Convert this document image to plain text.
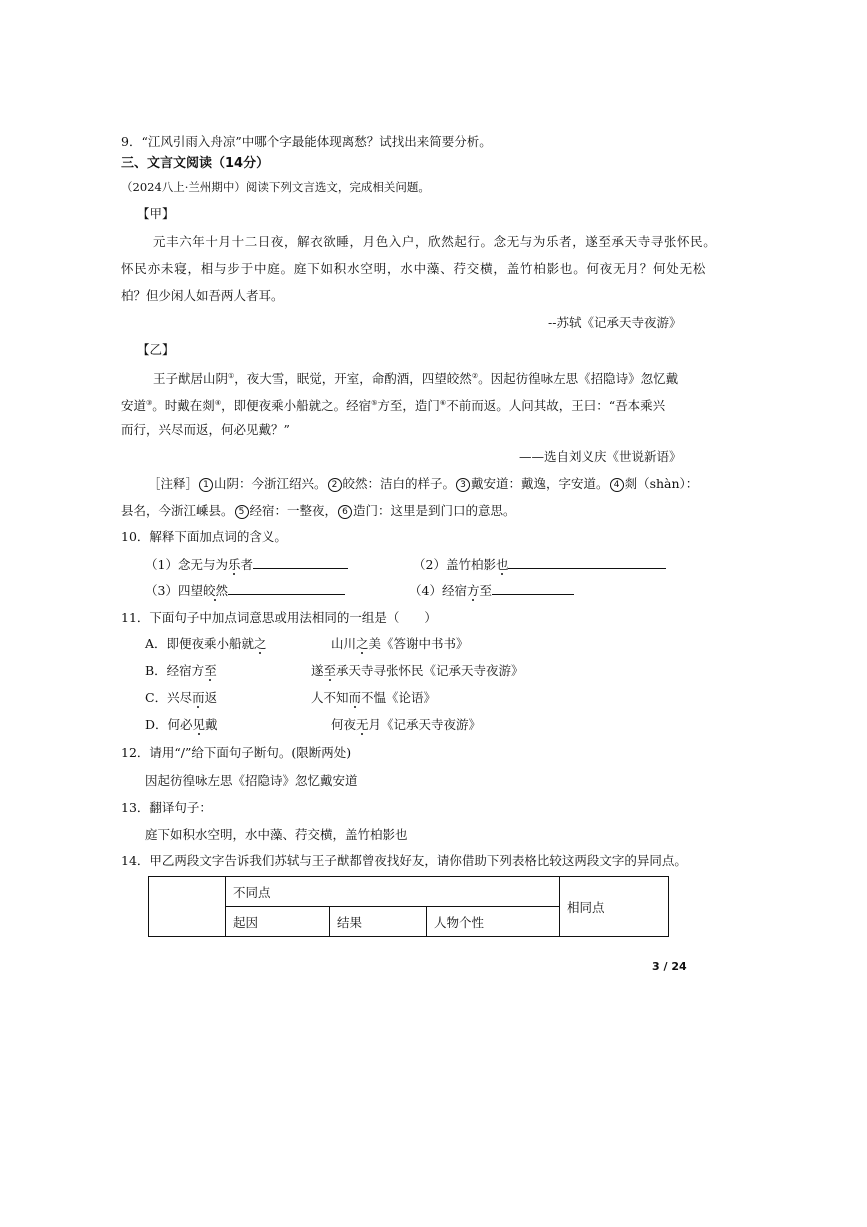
9．“江风引雨入舟凉”中哪个字最能体现离愁？试找出来简要分析。
三、文言文阅读（14分）
（2024八上·兰州期中）阅读下列文言选文，完成相关问题。
【甲】
元丰六年十月十二日夜，解衣欲睡，月色入户，欣然起行。念无与为乐者，遂至承天寺寻张怀民。
怀民亦未寝，相与步于中庭。庭下如积水空明，水中藻、荇交横，盖竹柏影也。何夜无月？何处无松
柏？但少闲人如吾两人者耳。
--苏轼《记承天寺夜游》
【乙】
王子猷居山阴①，夜大雪，眠觉，开室，命酌酒，四望皎然②。因起彷徨咏左思《招隐诗》忽忆戴
安道③。时戴在剡④，即便夜乘小船就之。经宿⑤方至，造门⑥不前而返。人问其故，王曰：“吾本乘兴
而行，兴尽而返，何必见戴？”
——选自刘义庆《世说新语》
［注释］ 1 山阴：今浙江绍兴。 2 皎然：洁白的样子。 3 戴安道：戴逸，字安道。 4 剡（shàn）：
县名，今浙江嵊县。 5 经宿：一整夜， 6 造门：这里是到门口的意思。
10．解释下面加点词的含义。
（1）念无与为乐者	（2）盖竹柏影也
（3）四望皎然	（4）经宿方至
11．下面句子中加点词意思或用法相同的一组是（　　）
A．即便夜乘小船就之	山川之美《答谢中书书》
B．经宿方至	遂至承天寺寻张怀民《记承天寺夜游》
C．兴尽而返	人不知而不愠《论语》
D．何必见戴	何夜无月《记承天寺夜游》
12．请用“/”给下面句子断句。(限断两处)
因起彷徨咏左思《招隐诗》忽忆戴安道
13．翻译句子：
庭下如积水空明，水中藻、荇交横，盖竹柏影也
14．甲乙两段文字告诉我们苏轼与王子猷都曾夜找好友，请你借助下列表格比较这两段文字的异同点。
	不同点			相同点
	起因	结果	人物个性	
3 / 24
